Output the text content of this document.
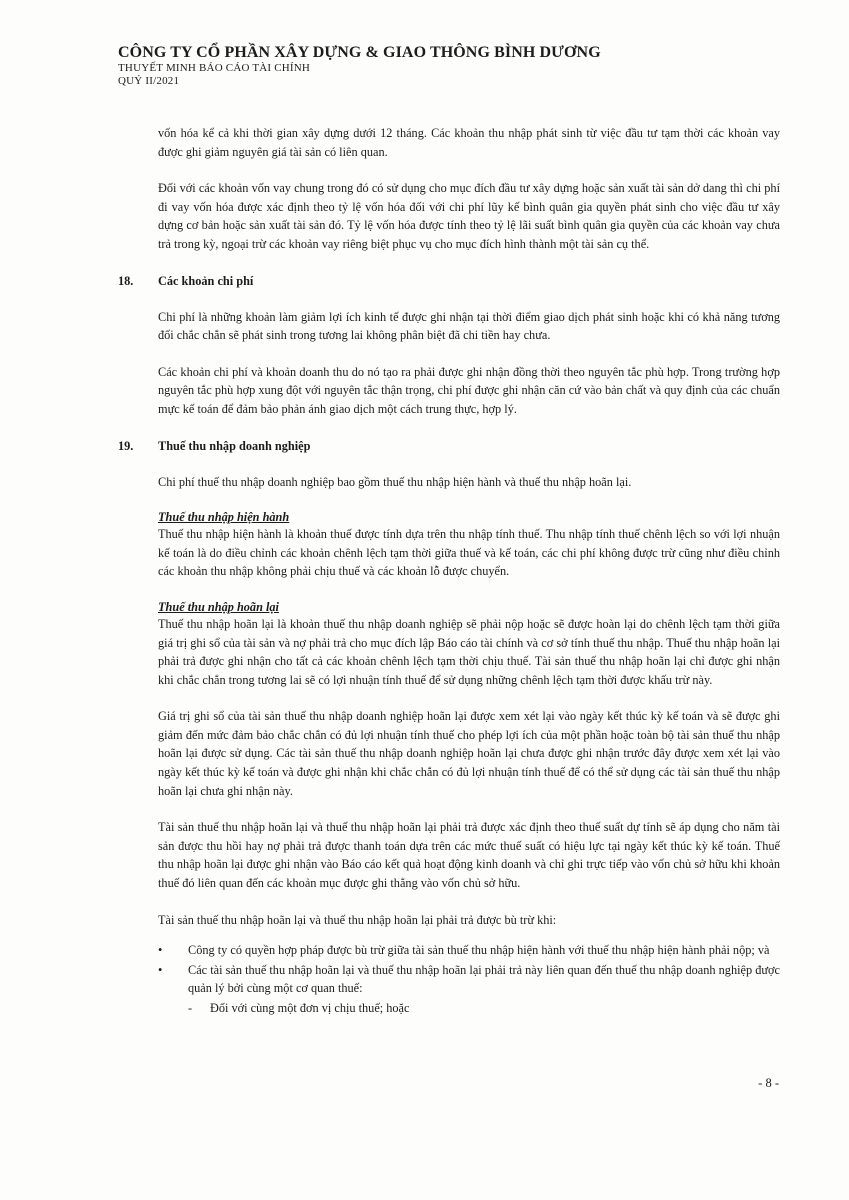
CÔNG TY CỔ PHẦN XÂY DỰNG & GIAO THÔNG BÌNH DƯƠNG
THUYẾT MINH BÁO CÁO TÀI CHÍNH
QUÝ II/2021

vốn hóa kể cả khi thời gian xây dựng dưới 12 tháng. Các khoản thu nhập phát sinh từ việc đầu tư tạm thời các khoản vay được ghi giảm nguyên giá tài sản có liên quan.

Đối với các khoản vốn vay chung trong đó có sử dụng cho mục đích đầu tư xây dựng hoặc sản xuất tài sản dở dang thì chi phí đi vay vốn hóa được xác định theo tỷ lệ vốn hóa đối với chi phí lũy kế bình quân gia quyền phát sinh cho việc đầu tư xây dựng cơ bản hoặc sản xuất tài sản đó. Tỷ lệ vốn hóa được tính theo tỷ lệ lãi suất bình quân gia quyền của các khoản vay chưa trả trong kỳ, ngoại trừ các khoản vay riêng biệt phục vụ cho mục đích hình thành một tài sản cụ thể.

18.	Các khoản chi phí

Chi phí là những khoản làm giảm lợi ích kinh tế được ghi nhận tại thời điểm giao dịch phát sinh hoặc khi có khả năng tương đối chắc chắn sẽ phát sinh trong tương lai không phân biệt đã chi tiền hay chưa.

Các khoản chi phí và khoản doanh thu do nó tạo ra phải được ghi nhận đồng thời theo nguyên tắc phù hợp. Trong trường hợp nguyên tắc phù hợp xung đột với nguyên tắc thận trọng, chi phí được ghi nhận căn cứ vào bản chất và quy định của các chuẩn mực kế toán để đảm bảo phản ánh giao dịch một cách trung thực, hợp lý.

19.	Thuế thu nhập doanh nghiệp

Chi phí thuế thu nhập doanh nghiệp bao gồm thuế thu nhập hiện hành và thuế thu nhập hoãn lại.

Thuế thu nhập hiện hành

Thuế thu nhập hiện hành là khoản thuế được tính dựa trên thu nhập tính thuế. Thu nhập tính thuế chênh lệch so với lợi nhuận kế toán là do điều chỉnh các khoản chênh lệch tạm thời giữa thuế và kế toán, các chi phí không được trừ cũng như điều chỉnh các khoản thu nhập không phải chịu thuế và các khoản lỗ được chuyển.

Thuế thu nhập hoãn lại

Thuế thu nhập hoãn lại là khoản thuế thu nhập doanh nghiệp sẽ phải nộp hoặc sẽ được hoàn lại do chênh lệch tạm thời giữa giá trị ghi sổ của tài sản và nợ phải trả cho mục đích lập Báo cáo tài chính và cơ sở tính thuế thu nhập. Thuế thu nhập hoãn lại phải trả được ghi nhận cho tất cả các khoản chênh lệch tạm thời chịu thuế. Tài sản thuế thu nhập hoãn lại chỉ được ghi nhận khi chắc chắn trong tương lai sẽ có lợi nhuận tính thuế để sử dụng những chênh lệch tạm thời được khấu trừ này.

Giá trị ghi sổ của tài sản thuế thu nhập doanh nghiệp hoãn lại được xem xét lại vào ngày kết thúc kỳ kế toán và sẽ được ghi giảm đến mức đảm bảo chắc chắn có đủ lợi nhuận tính thuế cho phép lợi ích của một phần hoặc toàn bộ tài sản thuế thu nhập hoãn lại được sử dụng. Các tài sản thuế thu nhập doanh nghiệp hoãn lại chưa được ghi nhận trước đây được xem xét lại vào ngày kết thúc kỳ kế toán và được ghi nhận khi chắc chắn có đủ lợi nhuận tính thuế để có thể sử dụng các tài sản thuế thu nhập hoãn lại chưa ghi nhận này.

Tài sản thuế thu nhập hoãn lại và thuế thu nhập hoãn lại phải trả được xác định theo thuế suất dự tính sẽ áp dụng cho năm tài sản được thu hồi hay nợ phải trả được thanh toán dựa trên các mức thuế suất có hiệu lực tại ngày kết thúc kỳ kế toán. Thuế thu nhập hoãn lại được ghi nhận vào Báo cáo kết quả hoạt động kinh doanh và chỉ ghi trực tiếp vào vốn chủ sở hữu khi khoản thuế đó liên quan đến các khoản mục được ghi thẳng vào vốn chủ sở hữu.

Tài sản thuế thu nhập hoãn lại và thuế thu nhập hoãn lại phải trả được bù trừ khi:

• Công ty có quyền hợp pháp được bù trừ giữa tài sản thuế thu nhập hiện hành với thuế thu nhập hiện hành phải nộp; và
• Các tài sản thuế thu nhập hoãn lại và thuế thu nhập hoãn lại phải trả này liên quan đến thuế thu nhập doanh nghiệp được quản lý bởi cùng một cơ quan thuế:
- Đối với cùng một đơn vị chịu thuế; hoặc
- 8 -
